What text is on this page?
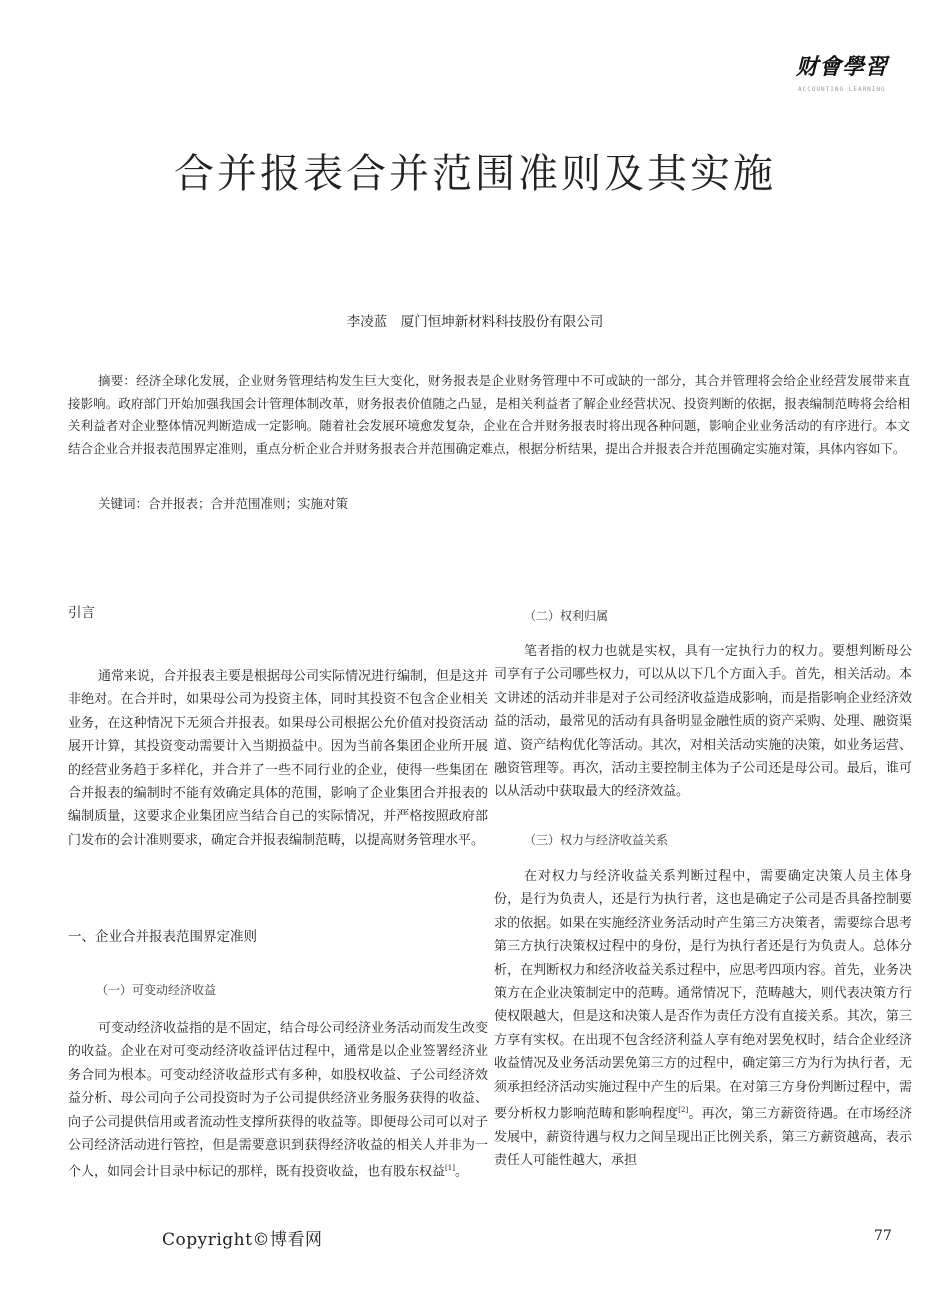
财會學習
ACCOUNTING LEARNING
合并报表合并范围准则及其实施
李凌蓝　厦门恒坤新材料科技股份有限公司
摘要：经济全球化发展，企业财务管理结构发生巨大变化，财务报表是企业财务管理中不可或缺的一部分，其合并管理将会给企业经营发展带来直接影响。政府部门开始加强我国会计管理体制改革，财务报表价值随之凸显，是相关利益者了解企业经营状况、投资判断的依据，报表编制范畴将会给相关利益者对企业整体情况判断造成一定影响。随着社会发展环境愈发复杂，企业在合并财务报表时将出现各种问题，影响企业业务活动的有序进行。本文结合企业合并报表范围界定准则，重点分析企业合并财务报表合并范围确定难点，根据分析结果，提出合并报表合并范围确定实施对策，具体内容如下。
关键词：合并报表；合并范围准则；实施对策
引言
通常来说，合并报表主要是根据母公司实际情况进行编制，但是这并非绝对。在合并时，如果母公司为投资主体，同时其投资不包含企业相关业务，在这种情况下无须合并报表。如果母公司根据公允价值对投资活动展开计算，其投资变动需要计入当期损益中。因为当前各集团企业所开展的经营业务趋于多样化，并合并了一些不同行业的企业，使得一些集团在合并报表的编制时不能有效确定具体的范围，影响了企业集团合并报表的编制质量，这要求企业集团应当结合自己的实际情况，并严格按照政府部门发布的会计准则要求，确定合并报表编制范畴，以提高财务管理水平。
一、企业合并报表范围界定准则
（一）可变动经济收益
可变动经济收益指的是不固定，结合母公司经济业务活动而发生改变的收益。企业在对可变动经济收益评估过程中，通常是以企业签署经济业务合同为根本。可变动经济收益形式有多种，如股权收益、子公司经济效益分析、母公司向子公司投资时为子公司提供经济业务服务获得的收益、向子公司提供信用或者流动性支撑所获得的收益等。即便母公司可以对子公司经济活动进行管控，但是需要意识到获得经济收益的相关人并非为一个人，如同会计目录中标记的那样，既有投资收益，也有股东权益[1]。
（二）权利归属
笔者指的权力也就是实权，具有一定执行力的权力。要想判断母公司享有子公司哪些权力，可以从以下几个方面入手。首先，相关活动。本文讲述的活动并非是对子公司经济收益造成影响，而是指影响企业经济效益的活动，最常见的活动有具备明显金融性质的资产采购、处理、融资渠道、资产结构优化等活动。其次，对相关活动实施的决策，如业务运营、融资管理等。再次，活动主要控制主体为子公司还是母公司。最后，谁可以从活动中获取最大的经济效益。
（三）权力与经济收益关系
在对权力与经济收益关系判断过程中，需要确定决策人员主体身份，是行为负责人，还是行为执行者，这也是确定子公司是否具备控制要求的依据。如果在实施经济业务活动时产生第三方决策者，需要综合思考第三方执行决策权过程中的身份，是行为执行者还是行为负责人。总体分析，在判断权力和经济收益关系过程中，应思考四项内容。首先，业务决策方在企业决策制定中的范畴。通常情况下，范畴越大，则代表决策方行使权限越大，但是这和决策人是否作为责任方没有直接关系。其次，第三方享有实权。在出现不包含经济利益人享有绝对罢免权时，结合企业经济收益情况及业务活动罢免第三方的过程中，确定第三方为行为执行者，无须承担经济活动实施过程中产生的后果。在对第三方身份判断过程中，需要分析权力影响范畴和影响程度[2]。再次，第三方薪资待遇。在市场经济发展中，薪资待遇与权力之间呈现出正比例关系，第三方薪资越高，表示责任人可能性越大，承担
Copyright©博看网	77
